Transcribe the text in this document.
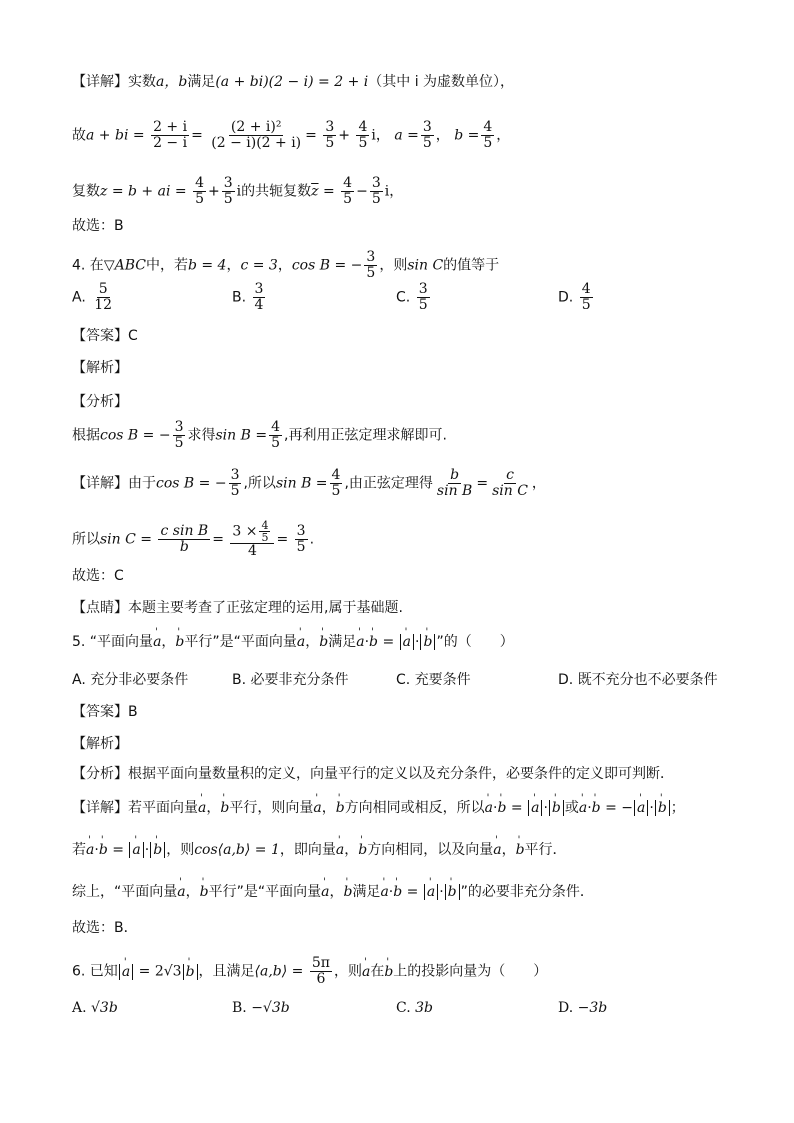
【详解】实数a，b满足(a + bi)(2 − i) = 2 + i（其中 i 为虚数单位），
故a + bi = $\frac{2 + i}{2 - i} = \frac{\text{(2 + i)²}}{(2 - i)(2 + i)} = \frac{3}{5} + \frac{4}{5}$ i， $a = \frac{3}{5}$ ， $b = \frac{4}{5}$ ，
复数z = b + ai = $\frac{4}{5} + \frac{3}{5}$ i的共轭复数$\overline{z} = \frac{4}{5} - \frac{3}{5}$ i，
故选：B
4. 在▽ABC中，若b = 4，c = 3，cos B = − $\frac{3}{5}$ ，则sin C的值等于
A. $\frac{5}{12}$	B. $\frac{3}{4}$	C. $\frac{3}{5}$	D. $\frac{4}{5}$
【答案】C
【解析】
【分析】
根据cos B = − $\frac{3}{5}$ 求得$\sin B = \frac{4}{5}$ ,再利用正弦定理求解即可.
【详解】由于cos B = − $\frac{3}{5}$ ,所以$\sin B = \frac{4}{5}$ ,由正弦定理得 $\frac{b}{\text{sin B}} = \frac{c}{\text{sin C}}$ ，
所以$\sin C = \frac{\text{c sin B}}{b} = \frac{3 \times \frac{4}{5}}{4} = \frac{3}{5}$ .
故选：C
【点睛】本题主要考查了正弦定理的运用,属于基础题.
5. “平面向量' a，' b平行”是“平面向量' a，' b满足' a·' b = ' a · ' b ”的（　　）
A. 充分非必要条件	B. 必要非充分条件	C. 充要条件	D. 既不充分也不必要条件
【答案】B
【解析】
【分析】根据平面向量数量积的定义，向量平行的定义以及充分条件，必要条件的定义即可判断．
【详解】若平面向量' a，' b平行，则向量' a，' b方向相同或相反，所以' a·' b = ' a · ' b 或' a·' b = − ' a · ' b ；
若' a·' b = ' a · ' b ，则cos⟨a,b⟩ = 1，即向量' a，' b方向相同，以及向量' a，' b平行．
综上，“平面向量' a，' b平行”是“平面向量' a，' b满足' a·' b = ' a · ' b ”的必要非充分条件．
故选：B．
6. 已知 ' a = 2√3 ' b ，且满足⟨a,b⟩ = $\frac{5\pi}{6}$ ，则' a在' b上的投影向量为（　　）
A. √3b	B. −√3b	C. 3b	D. −3b
